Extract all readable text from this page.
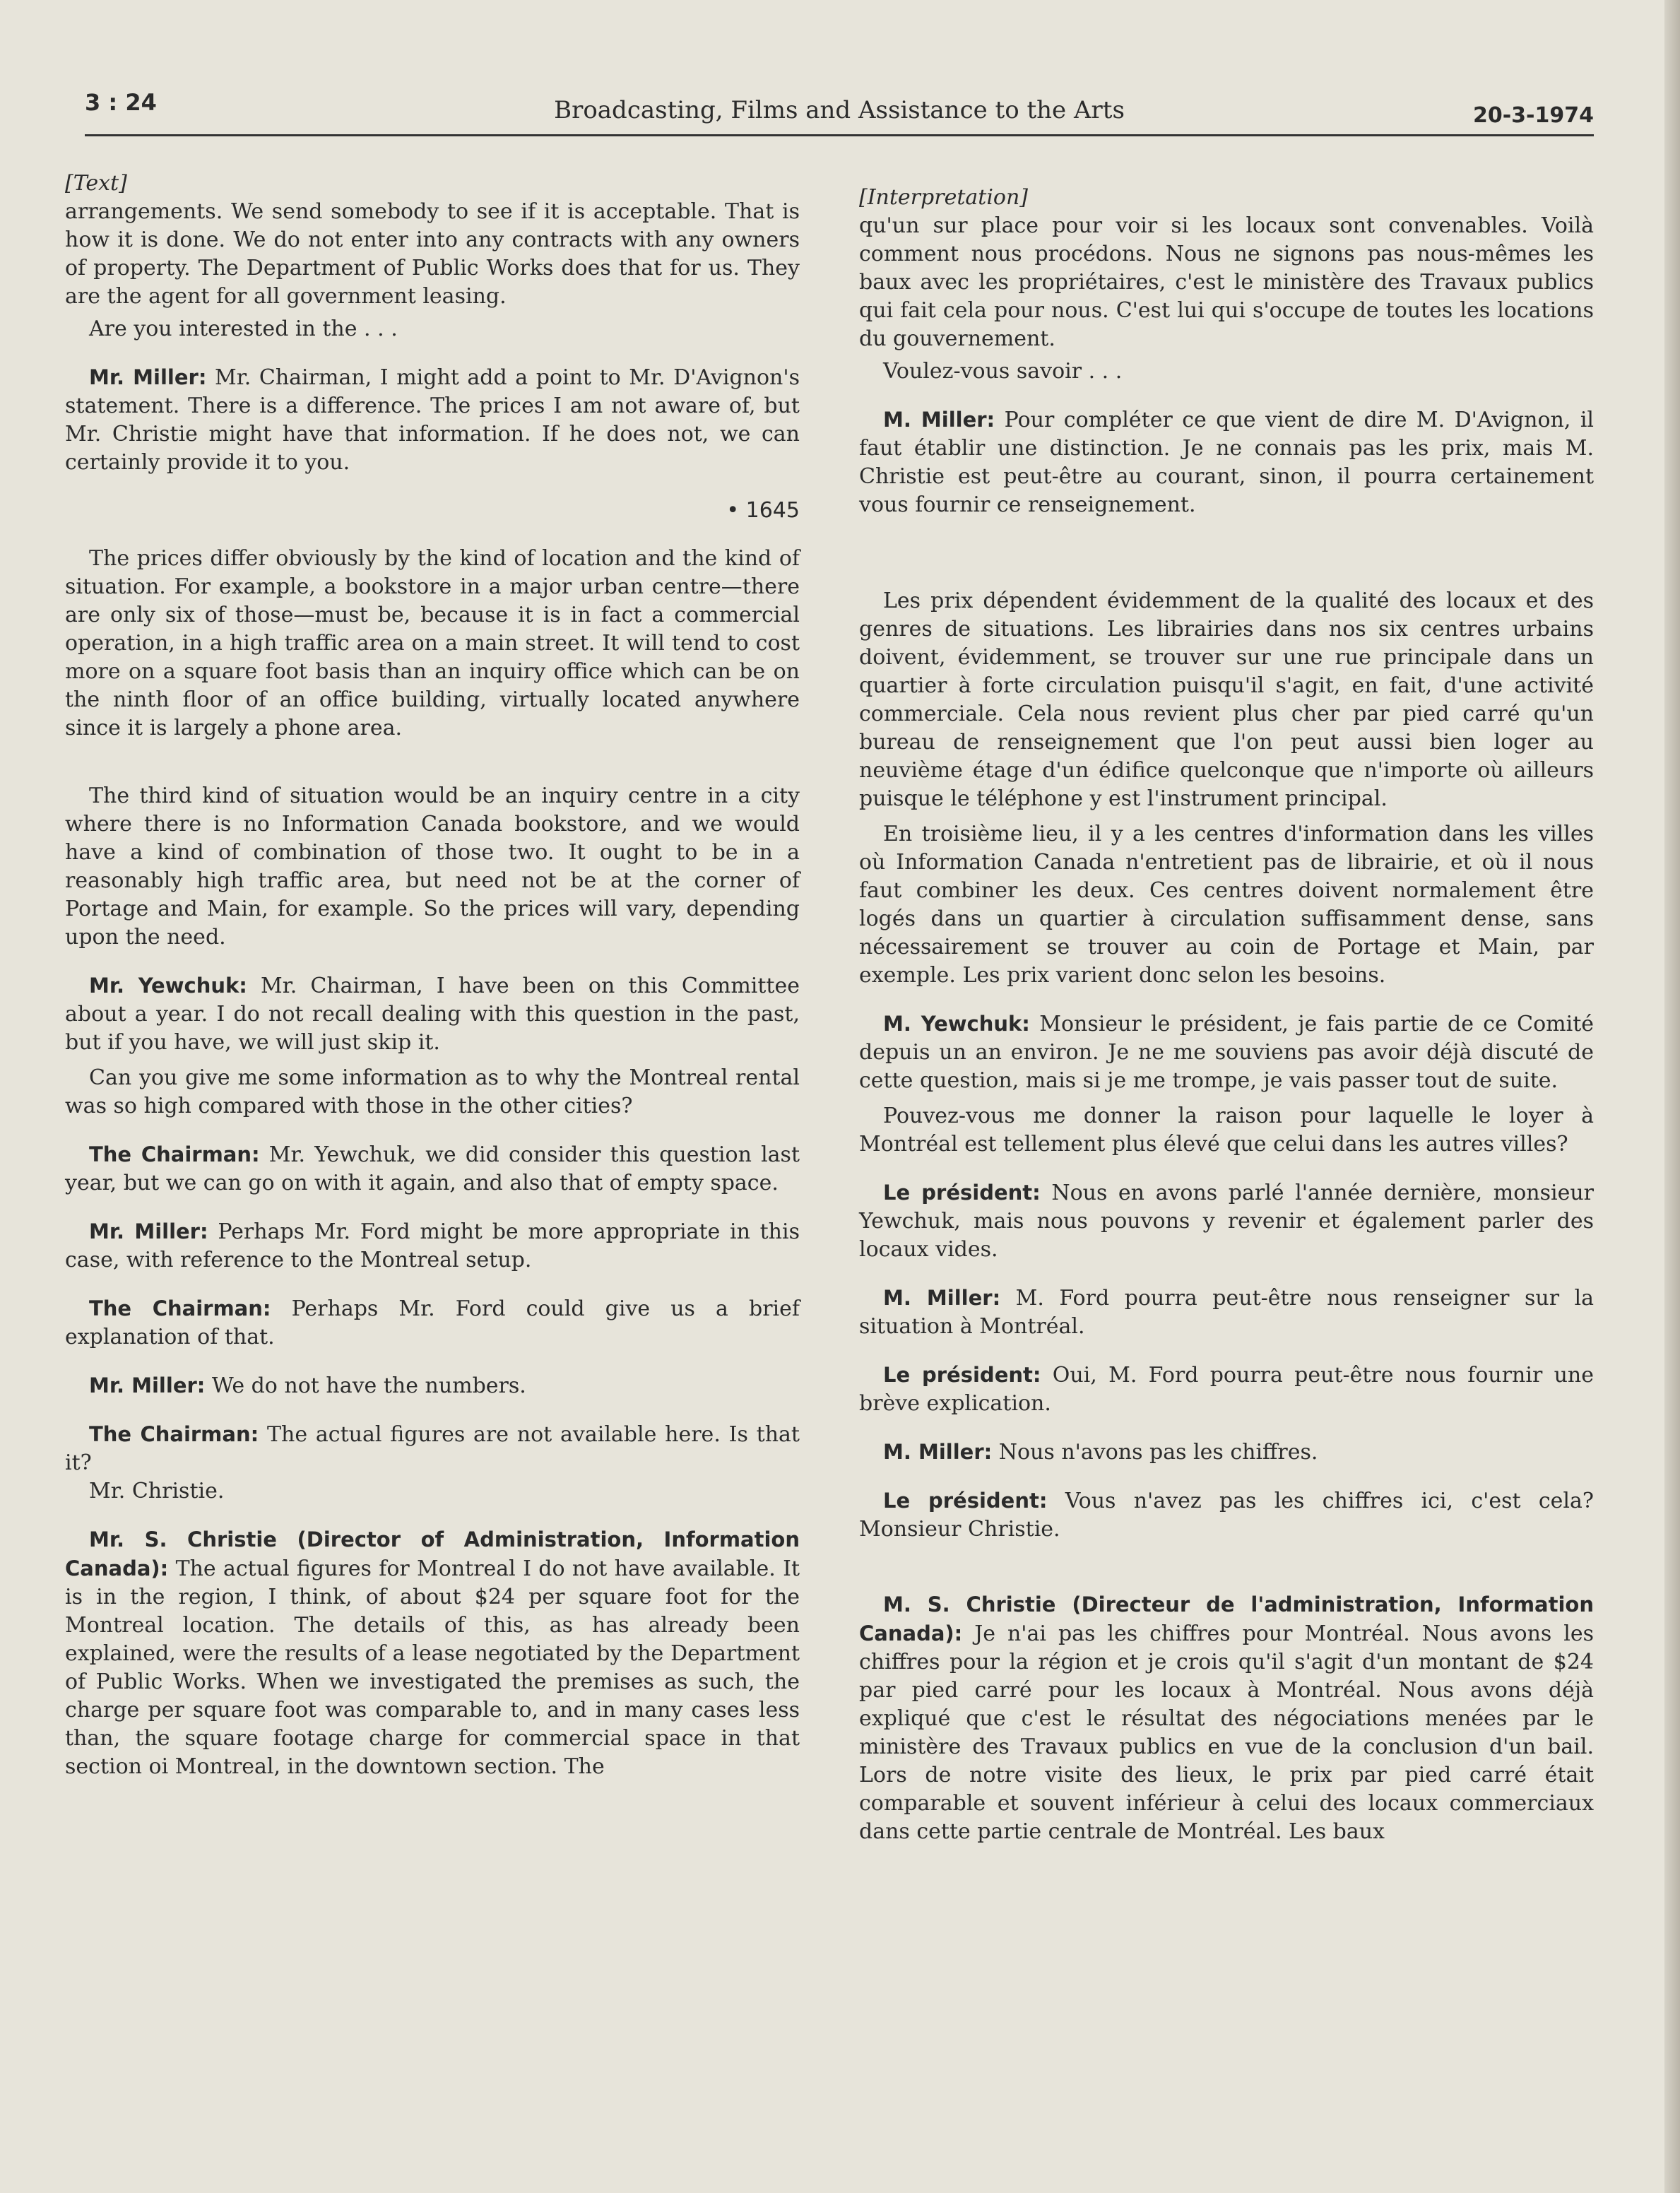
3 : 24	Broadcasting, Films and Assistance to the Arts	20-3-1974
[Text]

arrangements. We send somebody to see if it is acceptable. That is how it is done. We do not enter into any contracts with any owners of property. The Department of Public Works does that for us. They are the agent for all government leasing.

Are you interested in the . . .

Mr. Miller: Mr. Chairman, I might add a point to Mr. D'Avignon's statement. There is a difference. The prices I am not aware of, but Mr. Christie might have that information. If he does not, we can certainly provide it to you.

• 1645

The prices differ obviously by the kind of location and the kind of situation. For example, a bookstore in a major urban centre—there are only six of those—must be, because it is in fact a commercial operation, in a high traffic area on a main street. It will tend to cost more on a square foot basis than an inquiry office which can be on the ninth floor of an office building, virtually located anywhere since it is largely a phone area.

The third kind of situation would be an inquiry centre in a city where there is no Information Canada bookstore, and we would have a kind of combination of those two. It ought to be in a reasonably high traffic area, but need not be at the corner of Portage and Main, for example. So the prices will vary, depending upon the need.

Mr. Yewchuk: Mr. Chairman, I have been on this Committee about a year. I do not recall dealing with this question in the past, but if you have, we will just skip it.

Can you give me some information as to why the Montreal rental was so high compared with those in the other cities?

The Chairman: Mr. Yewchuk, we did consider this question last year, but we can go on with it again, and also that of empty space.

Mr. Miller: Perhaps Mr. Ford might be more appropriate in this case, with reference to the Montreal setup.

The Chairman: Perhaps Mr. Ford could give us a brief explanation of that.

Mr. Miller: We do not have the numbers.

The Chairman: The actual figures are not available here. Is that it?

Mr. Christie.

Mr. S. Christie (Director of Administration, Information Canada): The actual figures for Montreal I do not have available. It is in the region, I think, of about $24 per square foot for the Montreal location. The details of this, as has already been explained, were the results of a lease negotiated by the Department of Public Works. When we investigated the premises as such, the charge per square foot was comparable to, and in many cases less than, the square footage charge for commercial space in that section oi Montreal, in the downtown section. The

[Interpretation]

qu'un sur place pour voir si les locaux sont convenables. Voilà comment nous procédons. Nous ne signons pas nous-mêmes les baux avec les propriétaires, c'est le ministère des Travaux publics qui fait cela pour nous. C'est lui qui s'occupe de toutes les locations du gouvernement.

Voulez-vous savoir . . .

M. Miller: Pour compléter ce que vient de dire M. D'Avignon, il faut établir une distinction. Je ne connais pas les prix, mais M. Christie est peut-être au courant, sinon, il pourra certainement vous fournir ce renseignement.

Les prix dépendent évidemment de la qualité des locaux et des genres de situations. Les librairies dans nos six centres urbains doivent, évidemment, se trouver sur une rue principale dans un quartier à forte circulation puisqu'il s'agit, en fait, d'une activité commerciale. Cela nous revient plus cher par pied carré qu'un bureau de renseignement que l'on peut aussi bien loger au neuvième étage d'un édifice quelconque que n'importe où ailleurs puisque le téléphone y est l'instrument principal.

En troisième lieu, il y a les centres d'information dans les villes où Information Canada n'entretient pas de librairie, et où il nous faut combiner les deux. Ces centres doivent normalement être logés dans un quartier à circulation suffisamment dense, sans nécessairement se trouver au coin de Portage et Main, par exemple. Les prix varient donc selon les besoins.

M. Yewchuk: Monsieur le président, je fais partie de ce Comité depuis un an environ. Je ne me souviens pas avoir déjà discuté de cette question, mais si je me trompe, je vais passer tout de suite.

Pouvez-vous me donner la raison pour laquelle le loyer à Montréal est tellement plus élevé que celui dans les autres villes?

Le président: Nous en avons parlé l'année dernière, monsieur Yewchuk, mais nous pouvons y revenir et également parler des locaux vides.

M. Miller: M. Ford pourra peut-être nous renseigner sur la situation à Montréal.

Le président: Oui, M. Ford pourra peut-être nous fournir une brève explication.

M. Miller: Nous n'avons pas les chiffres.

Le président: Vous n'avez pas les chiffres ici, c'est cela? Monsieur Christie.

M. S. Christie (Directeur de l'administration, Information Canada): Je n'ai pas les chiffres pour Montréal. Nous avons les chiffres pour la région et je crois qu'il s'agit d'un montant de $24 par pied carré pour les locaux à Montréal. Nous avons déjà expliqué que c'est le résultat des négociations menées par le ministère des Travaux publics en vue de la conclusion d'un bail. Lors de notre visite des lieux, le prix par pied carré était comparable et souvent inférieur à celui des locaux commerciaux dans cette partie centrale de Montréal. Les baux
